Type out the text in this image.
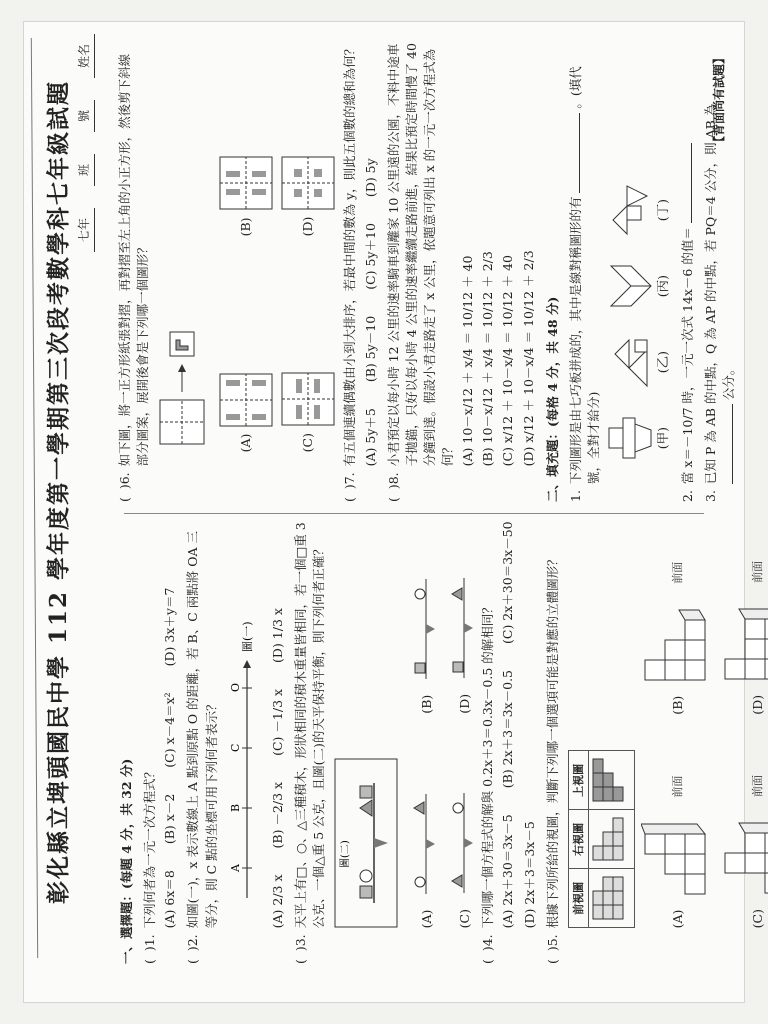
彰化縣立埤頭國民中學 112 學年度第一學期第三次段考數學科七年級試題 七年
班
號
姓名
一、選擇題：(每題 4 分，共 32 分) (  )1.
下列何者為一元一次方程式？ (A) 6x＝8
(B) x－2
(C) x－4＝x²
(D) 3x＋y＝7
(  )2.
如圖(一)，x 表示數線上 A 點到原點 O 的距離，若 B、C 兩點將 OA 三等分，則 C 點的坐標可用下列何者表示？ A
B
C
O
圖(一)
(A) 2/3 x
(B) －2/3 x
(C) －1/3 x
(D) 1/3 x
(  )3.
天平上有□、○、△三種積木，形狀相同的積木重量皆相同，若一個□重 3 公克、一個△重 5 公克，且圖(二)的天平保持平衡，則下列何者正確？ 圖(二)
(A)
(B)
(C)
(D)
(  )4.
下列哪一個方程式的解與 0.2x＋3＝0.3x－0.5 的解相同？ (A) 2x＋30＝3x－5
(B) 2x＋3＝3x－0.5
(C) 2x＋30＝3x－50
(D) 2x＋3＝3x－5
(  )5.
根據下列所給的視圖，判斷下列哪一個選項可能是對應的立體圖形？ 前視圖	右視圖	上視圖

(A)
前面
(B)
前面
(C)
前面
(D)
前面
(  )6.
如下圖，將一正方形紙張對摺，再對摺至左上角的小正方形，然後剪下斜線部分圖案，展開後會是下列哪一個圖形？	(A)
(B)
(C)
(D)
(  )7.
有五個連續偶數由小到大排序，若最中間的數為 y，則此五個數的總和為何？ (A) 5y＋5
(B) 5y－10
(C) 5y＋10
(D) 5y
(  )8.
小君預定以每小時 12 公里的速率騎車到離家 10 公里遠的公園，不料中途車子拋錨，只好以每小時 4 公里的速率繼續走路前進，結果比預定時間慢了 40 分鐘到達。假設小君走路走了 x 公里，依題意可列出 x 的一元一次方程式為何？ (A) 10－x/12 ＋ x/4 ＝ 10/12 ＋ 40 (B) 10－x/12 ＋ x/4 ＝ 10/12 ＋ 2/3 (C) x/12 ＋ 10－x/4 ＝ 10/12 ＋ 40 (D) x/12 ＋ 10－x/4 ＝ 10/12 ＋ 2/3 二、填充題：(每格 4 分，共 48 分) 1.
下列圖形是由七巧板拼成的，其中是線對稱圖形的有  。(填代號，全對才給分)	(甲)
(乙)
(丙)
(丁)
2.
當 x＝－10/7 時，一元一次式 14x－6 的值＝
3.
已知 P 為 AB 的中點，Q 為 AP 的中點，若 PQ＝4 公分，則 AB 為 公分。
【背面尚有試題】
